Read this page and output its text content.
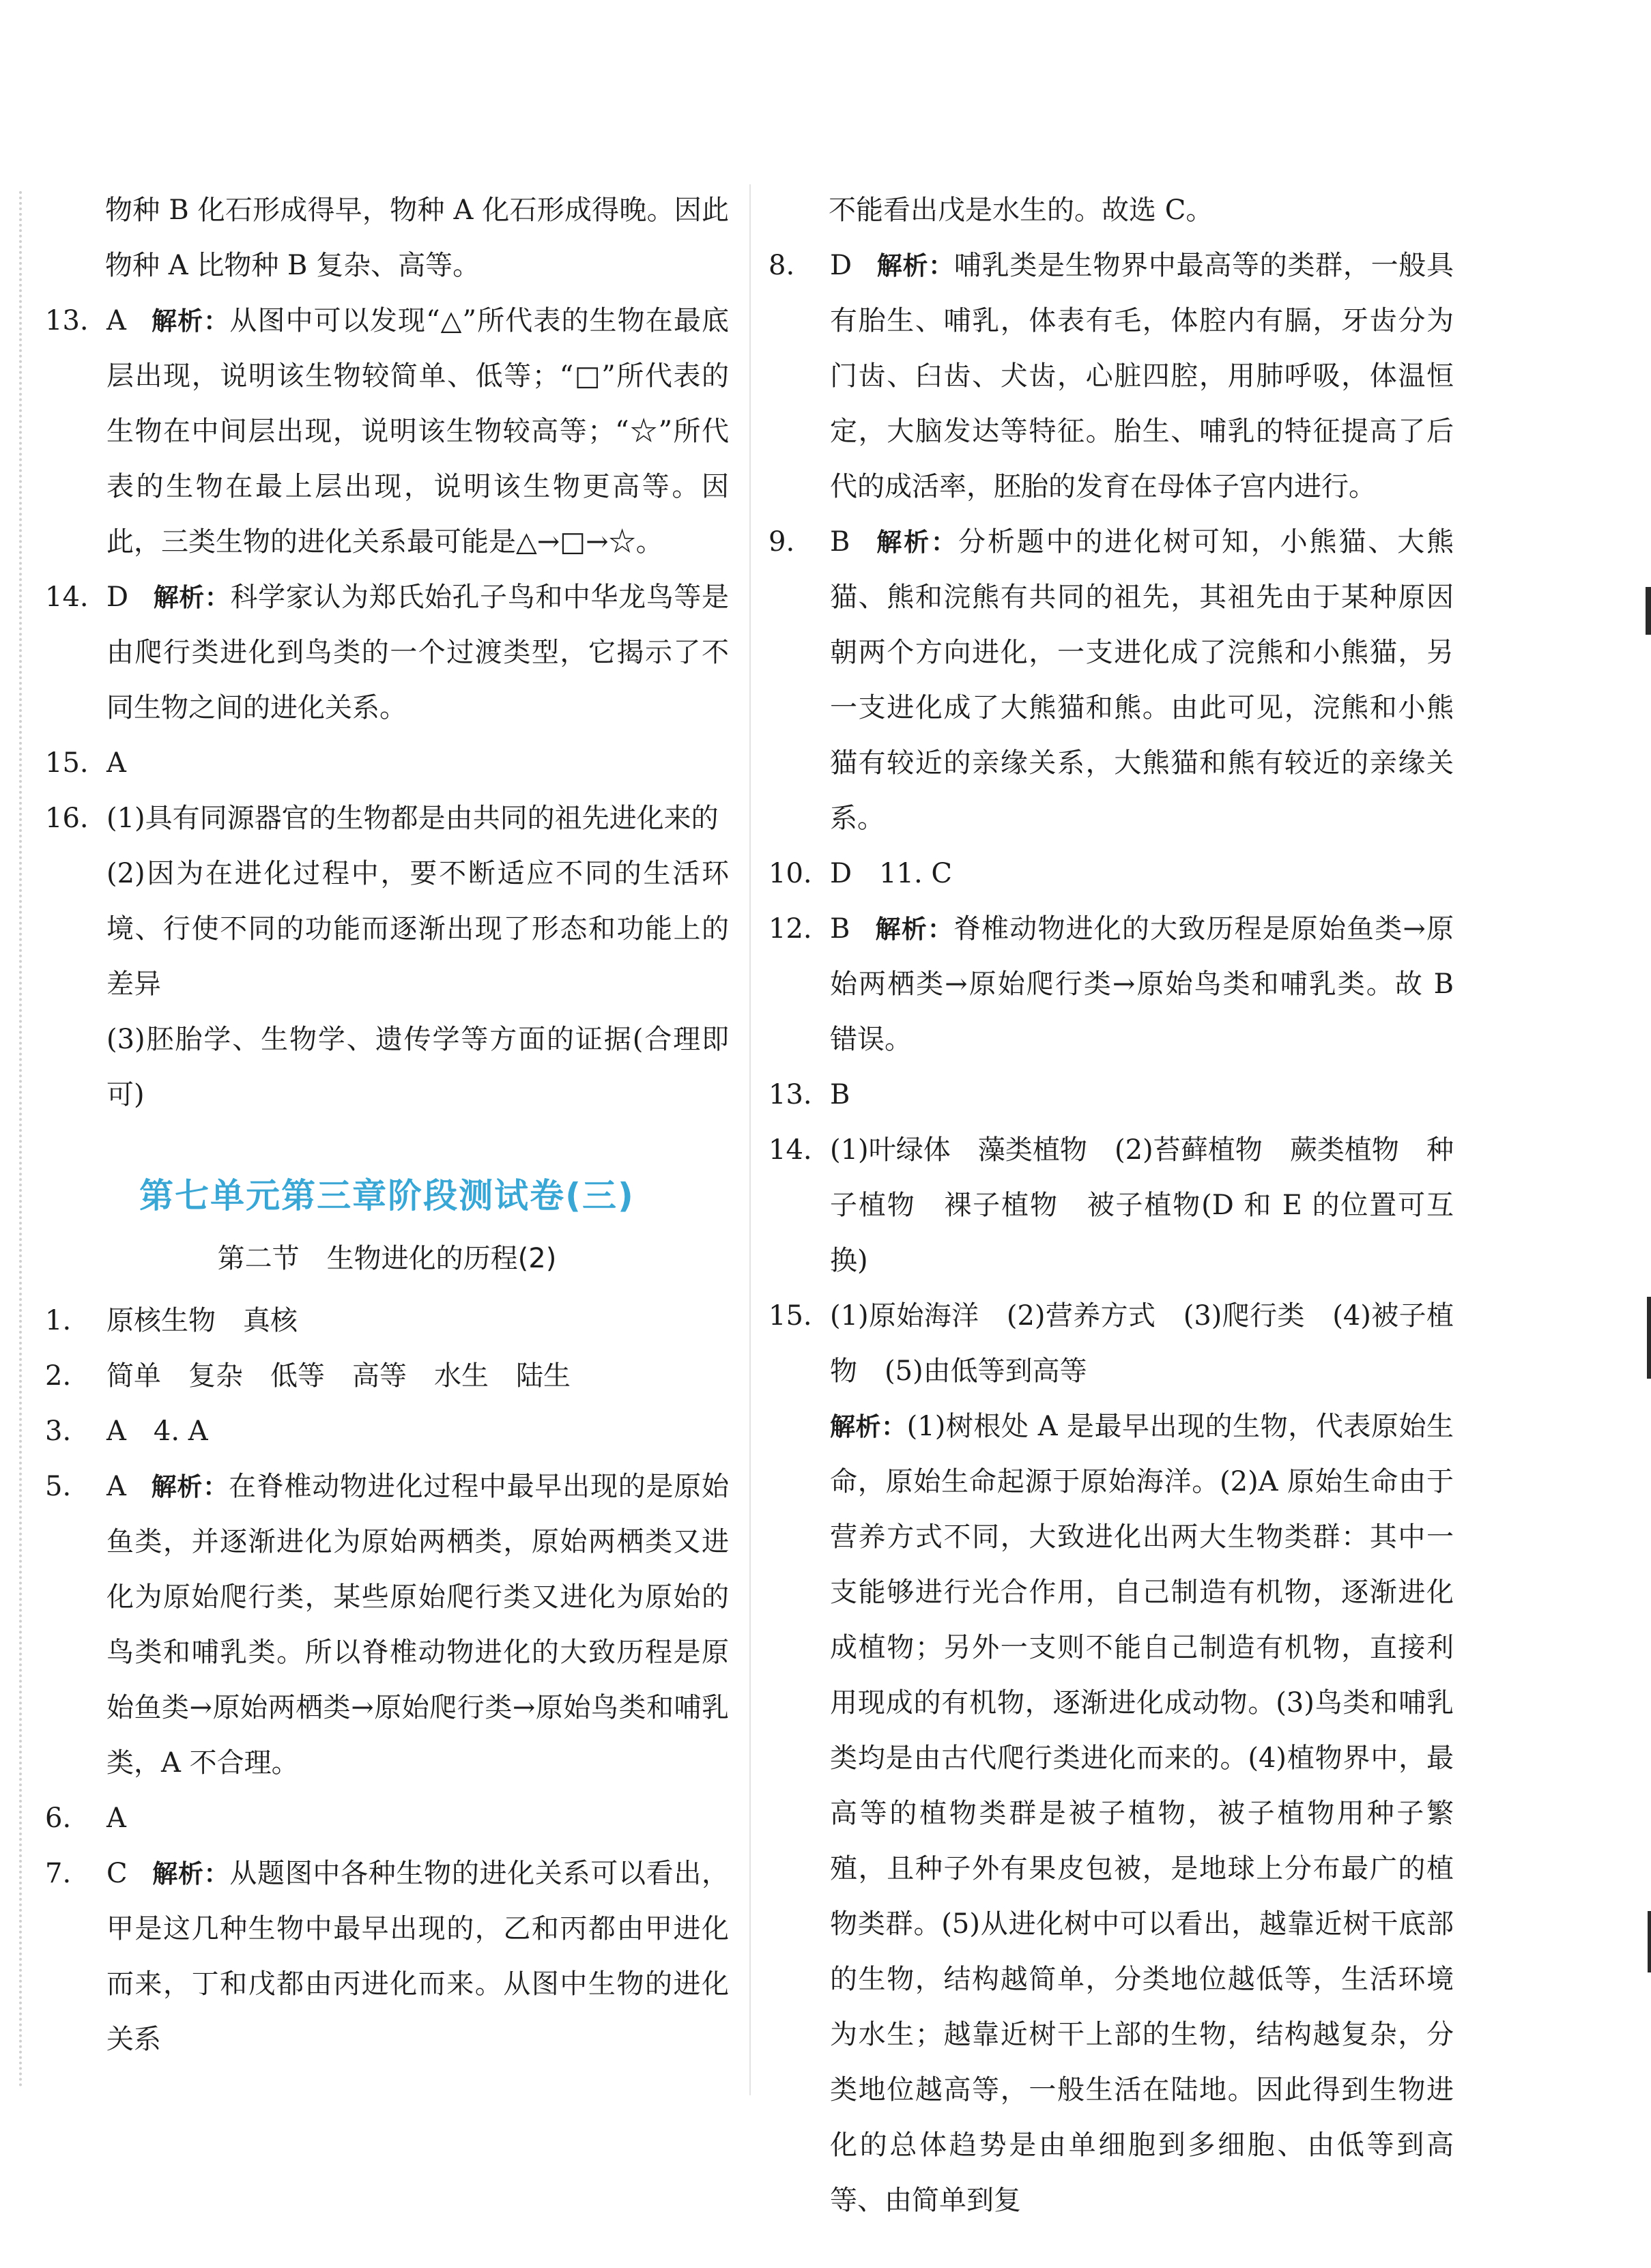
物种 B 化石形成得早，物种 A 化石形成得晚。因此物种 A 比物种 B 复杂、高等。
13. A 解析：从图中可以发现“△”所代表的生物在最底层出现，说明该生物较简单、低等；“□”所代表的生物在中间层出现，说明该生物较高等；“☆”所代表的生物在最上层出现，说明该生物更高等。因此，三类生物的进化关系最可能是△→□→☆。
14. D 解析：科学家认为郑氏始孔子鸟和中华龙鸟等是由爬行类进化到鸟类的一个过渡类型，它揭示了不同生物之间的进化关系。
15. A
16. (1)具有同源器官的生物都是由共同的祖先进化来的
(2)因为在进化过程中，要不断适应不同的生活环境、行使不同的功能而逐渐出现了形态和功能上的差异
(3)胚胎学、生物学、遗传学等方面的证据(合理即可)
第七单元第三章阶段测试卷(三)
第二节　生物进化的历程(2)
1. 原核生物　真核
2. 简单　复杂　低等　高等　水生　陆生
3. A　4. A
5. A 解析：在脊椎动物进化过程中最早出现的是原始鱼类，并逐渐进化为原始两栖类，原始两栖类又进化为原始爬行类，某些原始爬行类又进化为原始的鸟类和哺乳类。所以脊椎动物进化的大致历程是原始鱼类→原始两栖类→原始爬行类→原始鸟类和哺乳类，A 不合理。
6. A
7. C 解析：从题图中各种生物的进化关系可以看出，甲是这几种生物中最早出现的，乙和丙都由甲进化而来，丁和戊都由丙进化而来。从图中生物的进化关系
不能看出戊是水生的。故选 C。
8. D 解析：哺乳类是生物界中最高等的类群，一般具有胎生、哺乳，体表有毛，体腔内有膈，牙齿分为门齿、臼齿、犬齿，心脏四腔，用肺呼吸，体温恒定，大脑发达等特征。胎生、哺乳的特征提高了后代的成活率，胚胎的发育在母体子宫内进行。
9. B 解析：分析题中的进化树可知，小熊猫、大熊猫、熊和浣熊有共同的祖先，其祖先由于某种原因朝两个方向进化，一支进化成了浣熊和小熊猫，另一支进化成了大熊猫和熊。由此可见，浣熊和小熊猫有较近的亲缘关系，大熊猫和熊有较近的亲缘关系。
10. D　11. C
12. B 解析：脊椎动物进化的大致历程是原始鱼类→原始两栖类→原始爬行类→原始鸟类和哺乳类。故 B 错误。
13. B
14. (1)叶绿体　藻类植物　(2)苔藓植物　蕨类植物　种子植物　裸子植物　被子植物(D 和 E 的位置可互换)
15. (1)原始海洋　(2)营养方式　(3)爬行类　(4)被子植物　(5)由低等到高等
解析：(1)树根处 A 是最早出现的生物，代表原始生命，原始生命起源于原始海洋。(2)A 原始生命由于营养方式不同，大致进化出两大生物类群：其中一支能够进行光合作用，自己制造有机物，逐渐进化成植物；另外一支则不能自己制造有机物，直接利用现成的有机物，逐渐进化成动物。(3)鸟类和哺乳类均是由古代爬行类进化而来的。(4)植物界中，最高等的植物类群是被子植物，被子植物用种子繁殖，且种子外有果皮包被，是地球上分布最广的植物类群。(5)从进化树中可以看出，越靠近树干底部的生物，结构越简单，分类地位越低等，生活环境为水生；越靠近树干上部的生物，结构越复杂，分类地位越高等，一般生活在陆地。因此得到生物进化的总体趋势是由单细胞到多细胞、由低等到高等、由简单到复
